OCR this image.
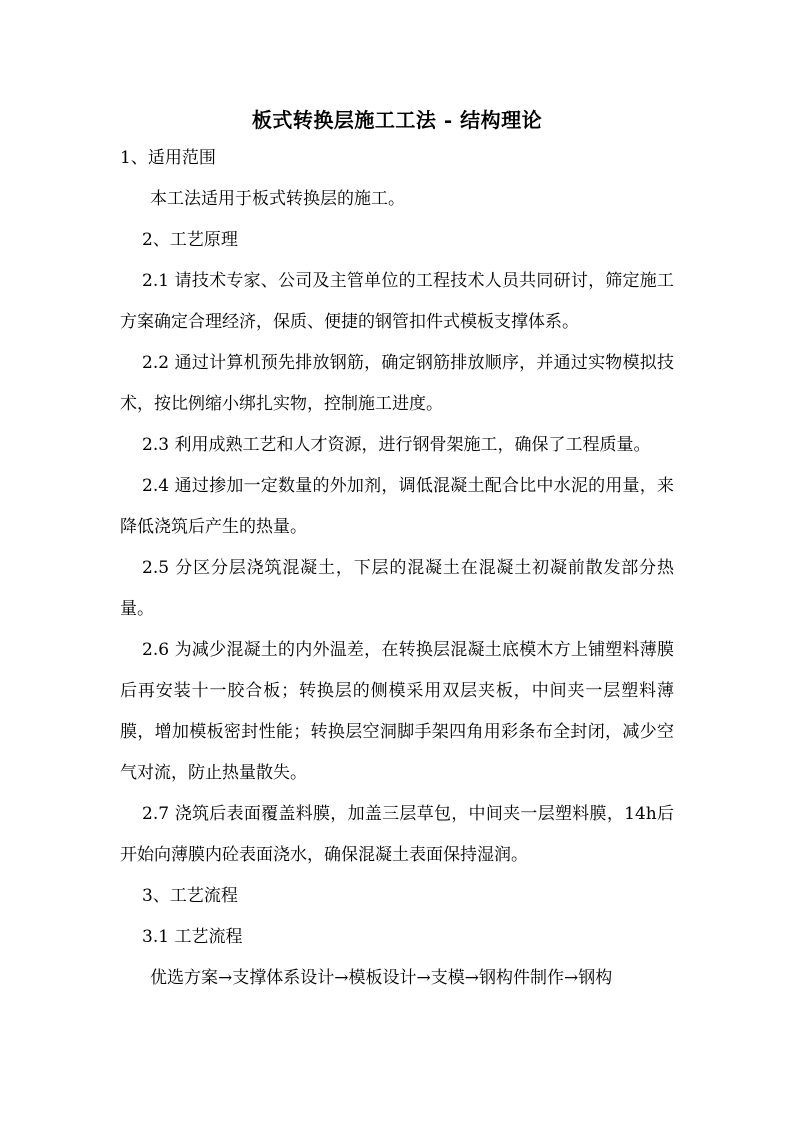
板式转换层施工工法 - 结构理论

1、适用范围

本工法适用于板式转换层的施工。

2、工艺原理

2.1 请技术专家、公司及主管单位的工程技术人员共同研讨，筛定施工方案确定合理经济，保质、便捷的钢管扣件式模板支撑体系。

2.2 通过计算机预先排放钢筋，确定钢筋排放顺序，并通过实物模拟技术，按比例缩小绑扎实物，控制施工进度。

2.3 利用成熟工艺和人才资源，进行钢骨架施工，确保了工程质量。

2.4 通过掺加一定数量的外加剂，调低混凝土配合比中水泥的用量，来降低浇筑后产生的热量。

2.5 分区分层浇筑混凝土，下层的混凝土在混凝土初凝前散发部分热量。

2.6 为减少混凝土的内外温差，在转换层混凝土底模木方上铺塑料薄膜后再安装十一胶合板；转换层的侧模采用双层夹板，中间夹一层塑料薄膜，增加模板密封性能；转换层空洞脚手架四角用彩条布全封闭，减少空气对流，防止热量散失。

2.7 浇筑后表面覆盖料膜，加盖三层草包，中间夹一层塑料膜，14h后开始向薄膜内砼表面浇水，确保混凝土表面保持湿润。

3、工艺流程

3.1 工艺流程

优选方案→支撑体系设计→模板设计→支模→钢构件制作→钢构
